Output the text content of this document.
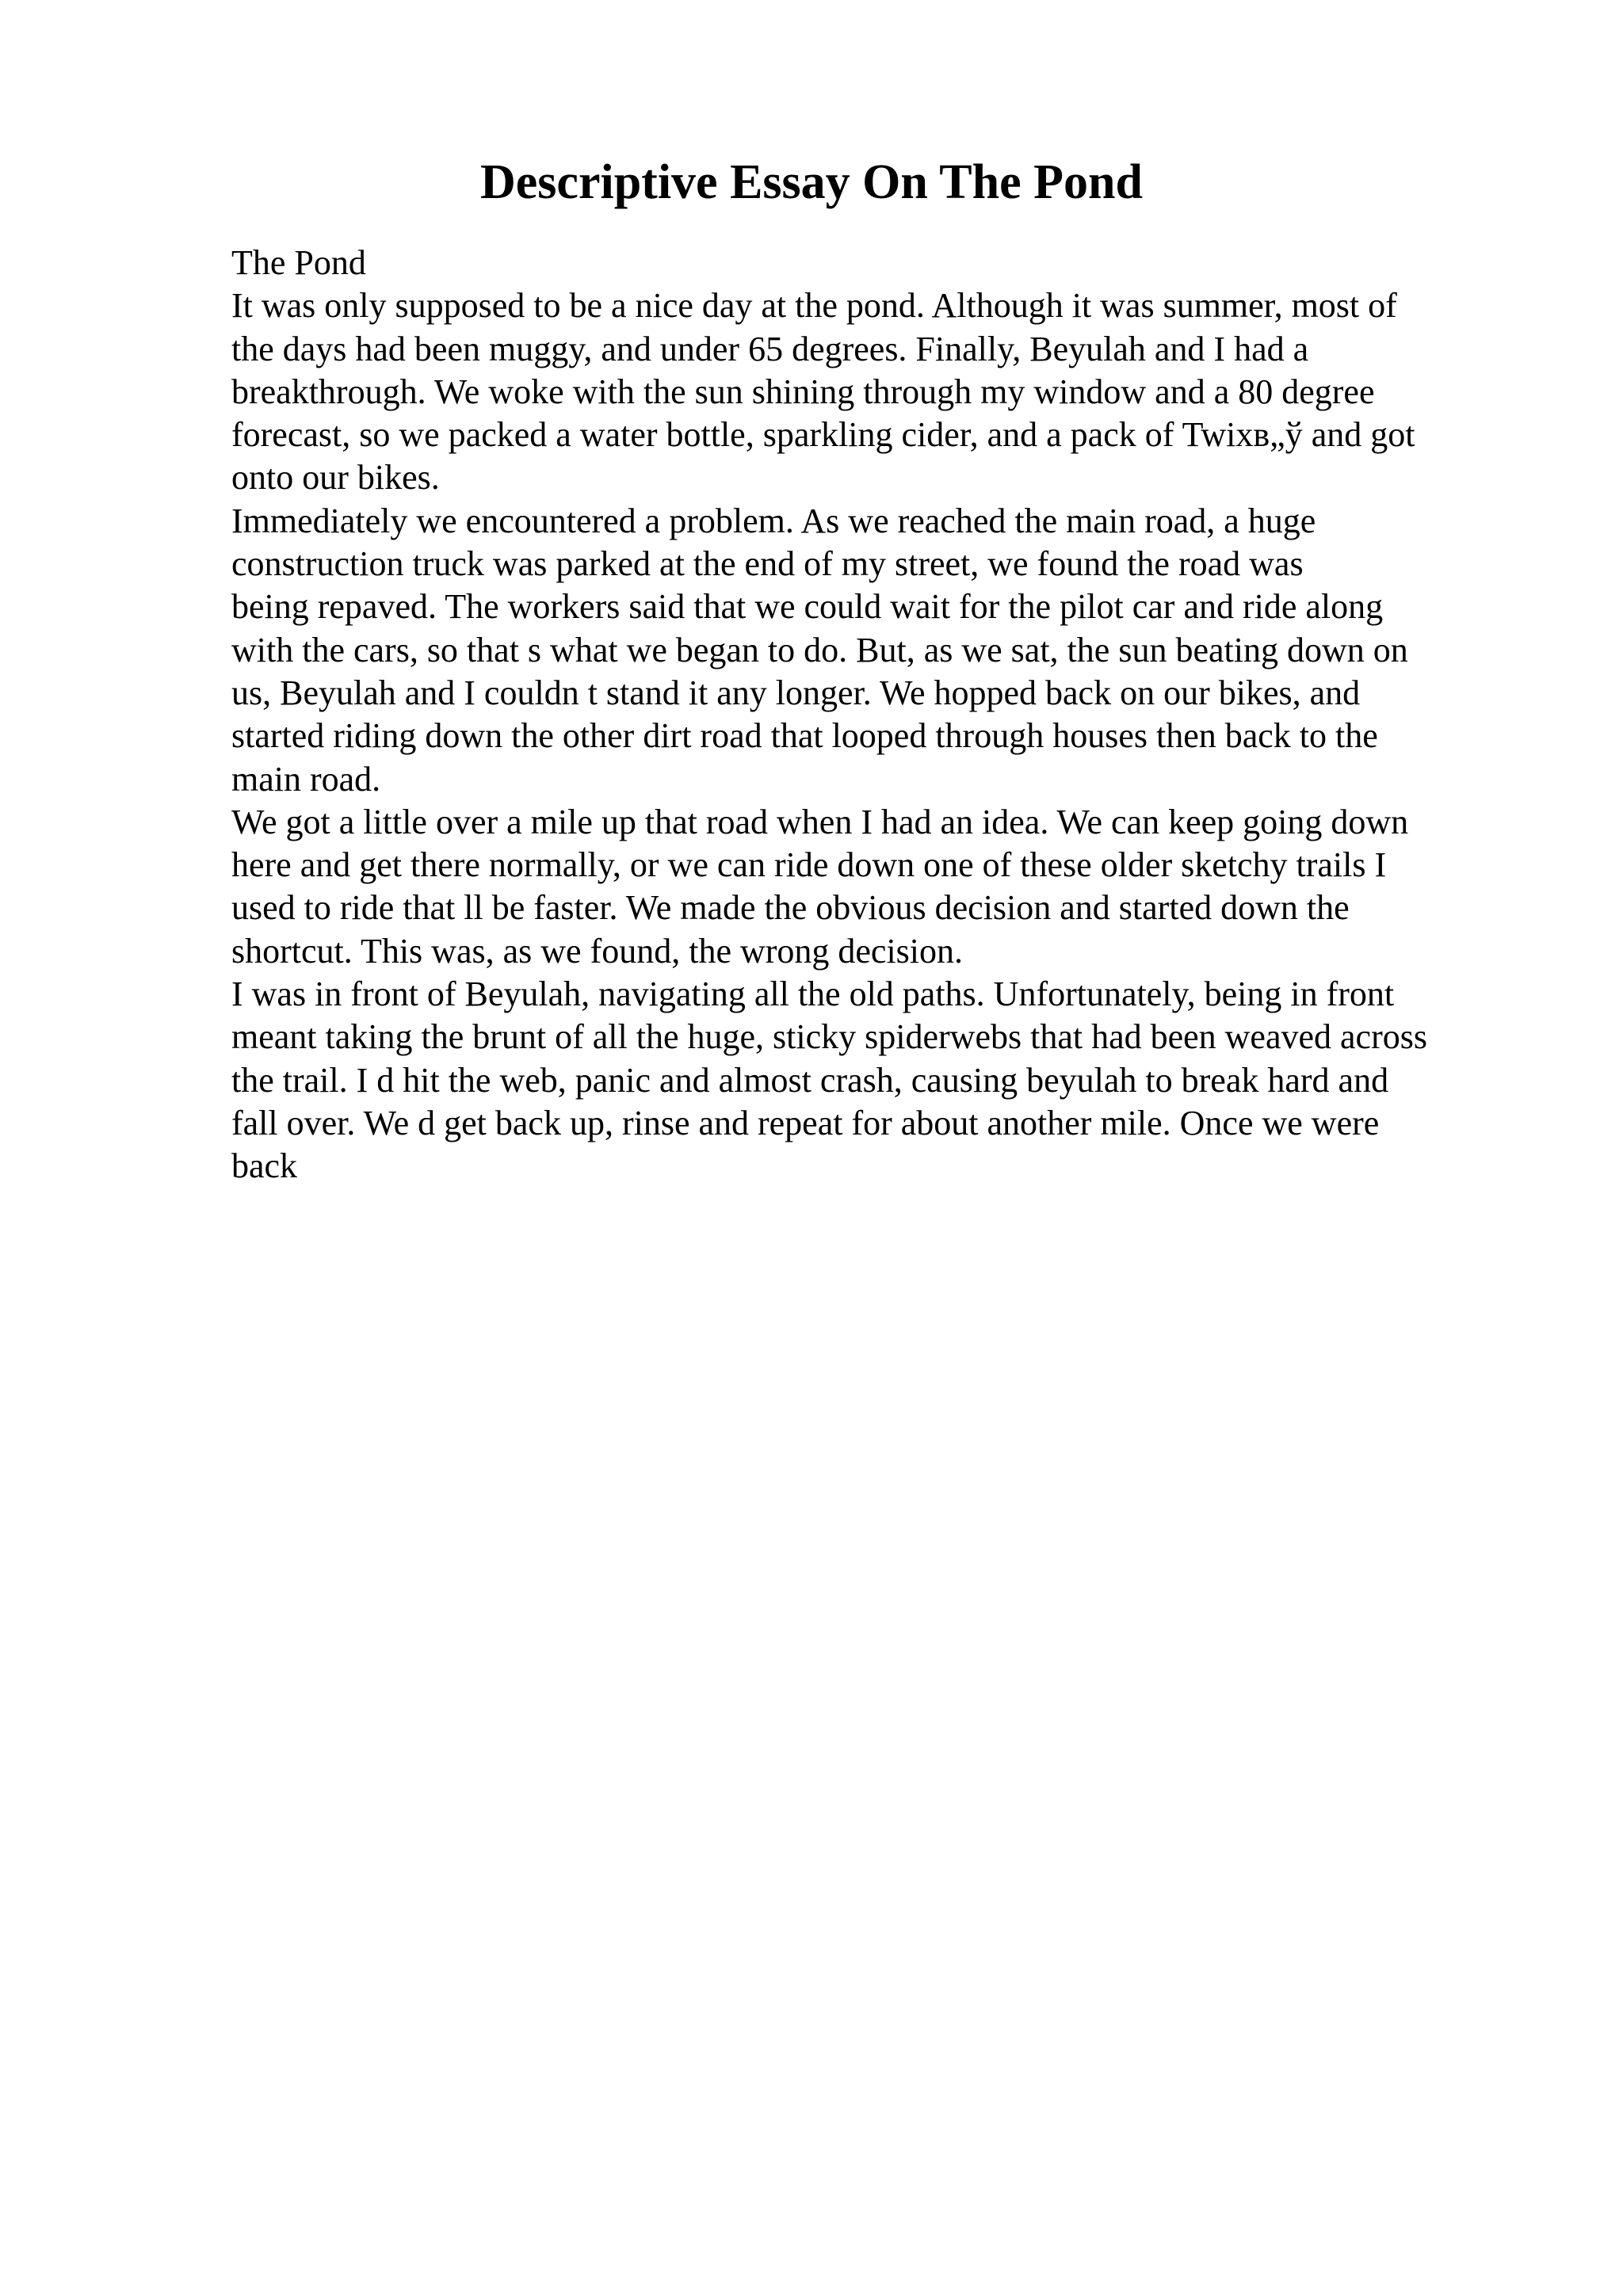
Descriptive Essay On The Pond
The Pond
It was only supposed to be a nice day at the pond. Although it was summer, most of
the days had been muggy, and under 65 degrees. Finally, Beyulah and I had a
breakthrough. We woke with the sun shining through my window and a 80 degree
forecast, so we packed a water bottle, sparkling cider, and a pack of Twixв„ў and got
onto our bikes.
Immediately we encountered a problem. As we reached the main road, a huge
construction truck was parked at the end of my street, we found the road was
being repaved. The workers said that we could wait for the pilot car and ride along
with the cars, so that s what we began to do. But, as we sat, the sun beating down on
us, Beyulah and I couldn t stand it any longer. We hopped back on our bikes, and
started riding down the other dirt road that looped through houses then back to the
main road.
We got a little over a mile up that road when I had an idea. We can keep going down
here and get there normally, or we can ride down one of these older sketchy trails I
used to ride that ll be faster. We made the obvious decision and started down the
shortcut. This was, as we found, the wrong decision.
I was in front of Beyulah, navigating all the old paths. Unfortunately, being in front
meant taking the brunt of all the huge, sticky spiderwebs that had been weaved across
the trail. I d hit the web, panic and almost crash, causing beyulah to break hard and
fall over. We d get back up, rinse and repeat for about another mile. Once we were
back
